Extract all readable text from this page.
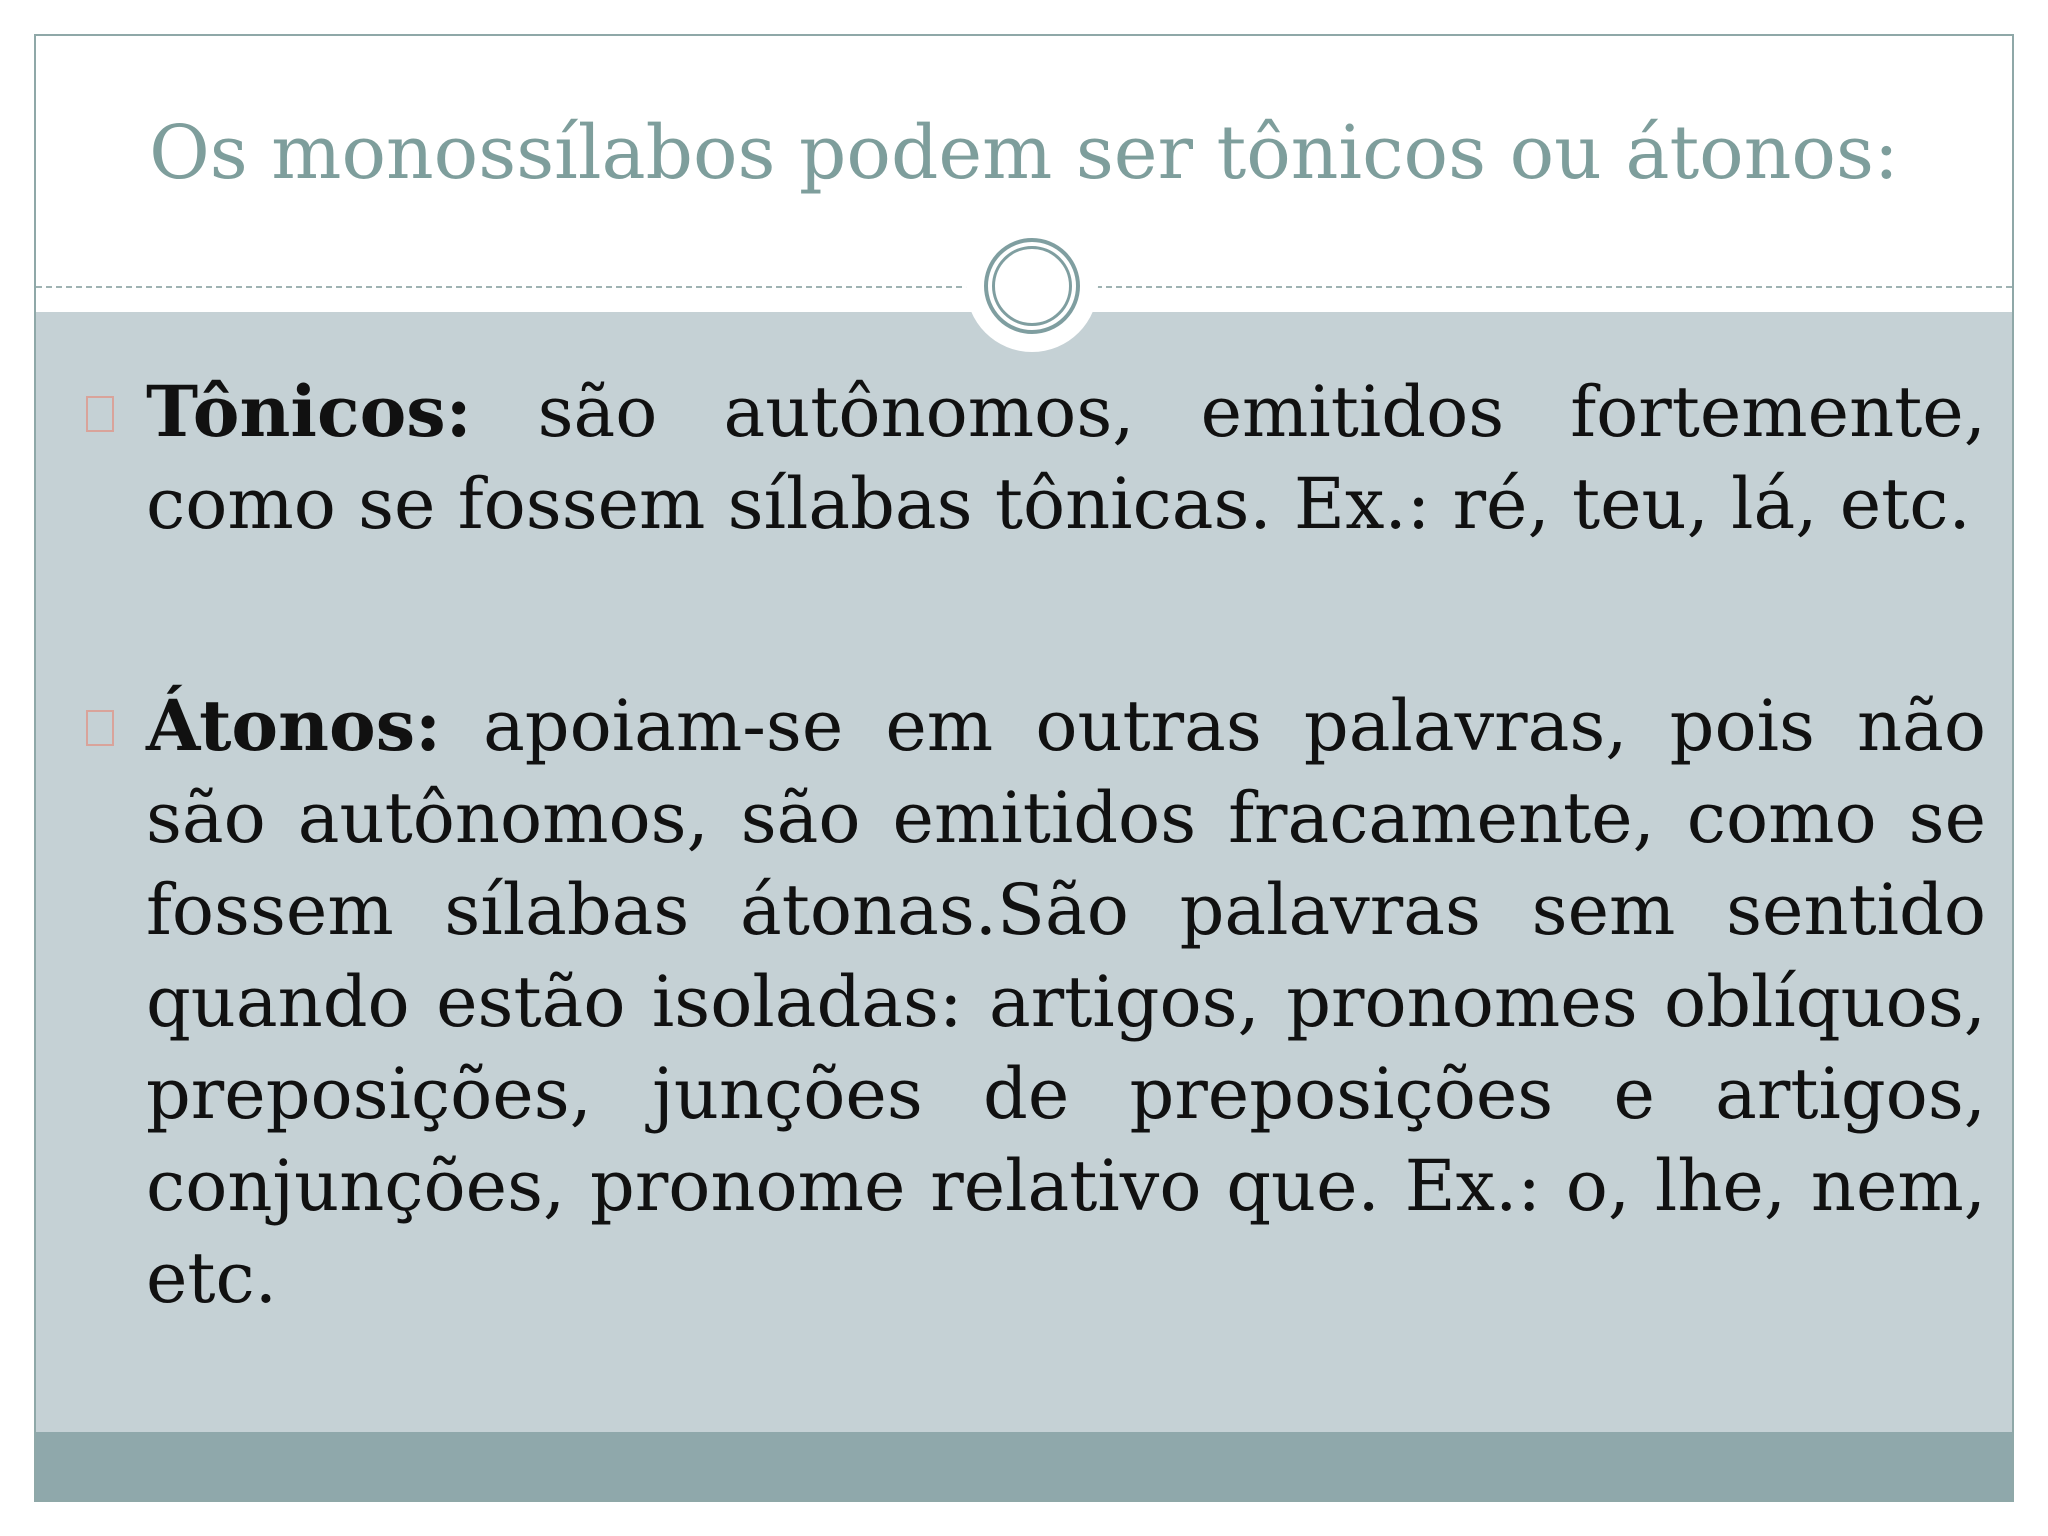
Os monossílabos podem ser tônicos ou átonos:
Tônicos: são autônomos, emitidos fortemente, como se fossem sílabas tônicas. Ex.: ré, teu, lá, etc.
Átonos: apoiam-se em outras palavras, pois não são autônomos, são emitidos fracamente, como se fossem sílabas átonas.São palavras sem sentido quando estão isoladas: artigos, pronomes oblíquos, preposições, junções de preposições e artigos, conjunções, pronome relativo que. Ex.: o, lhe, nem, etc.
